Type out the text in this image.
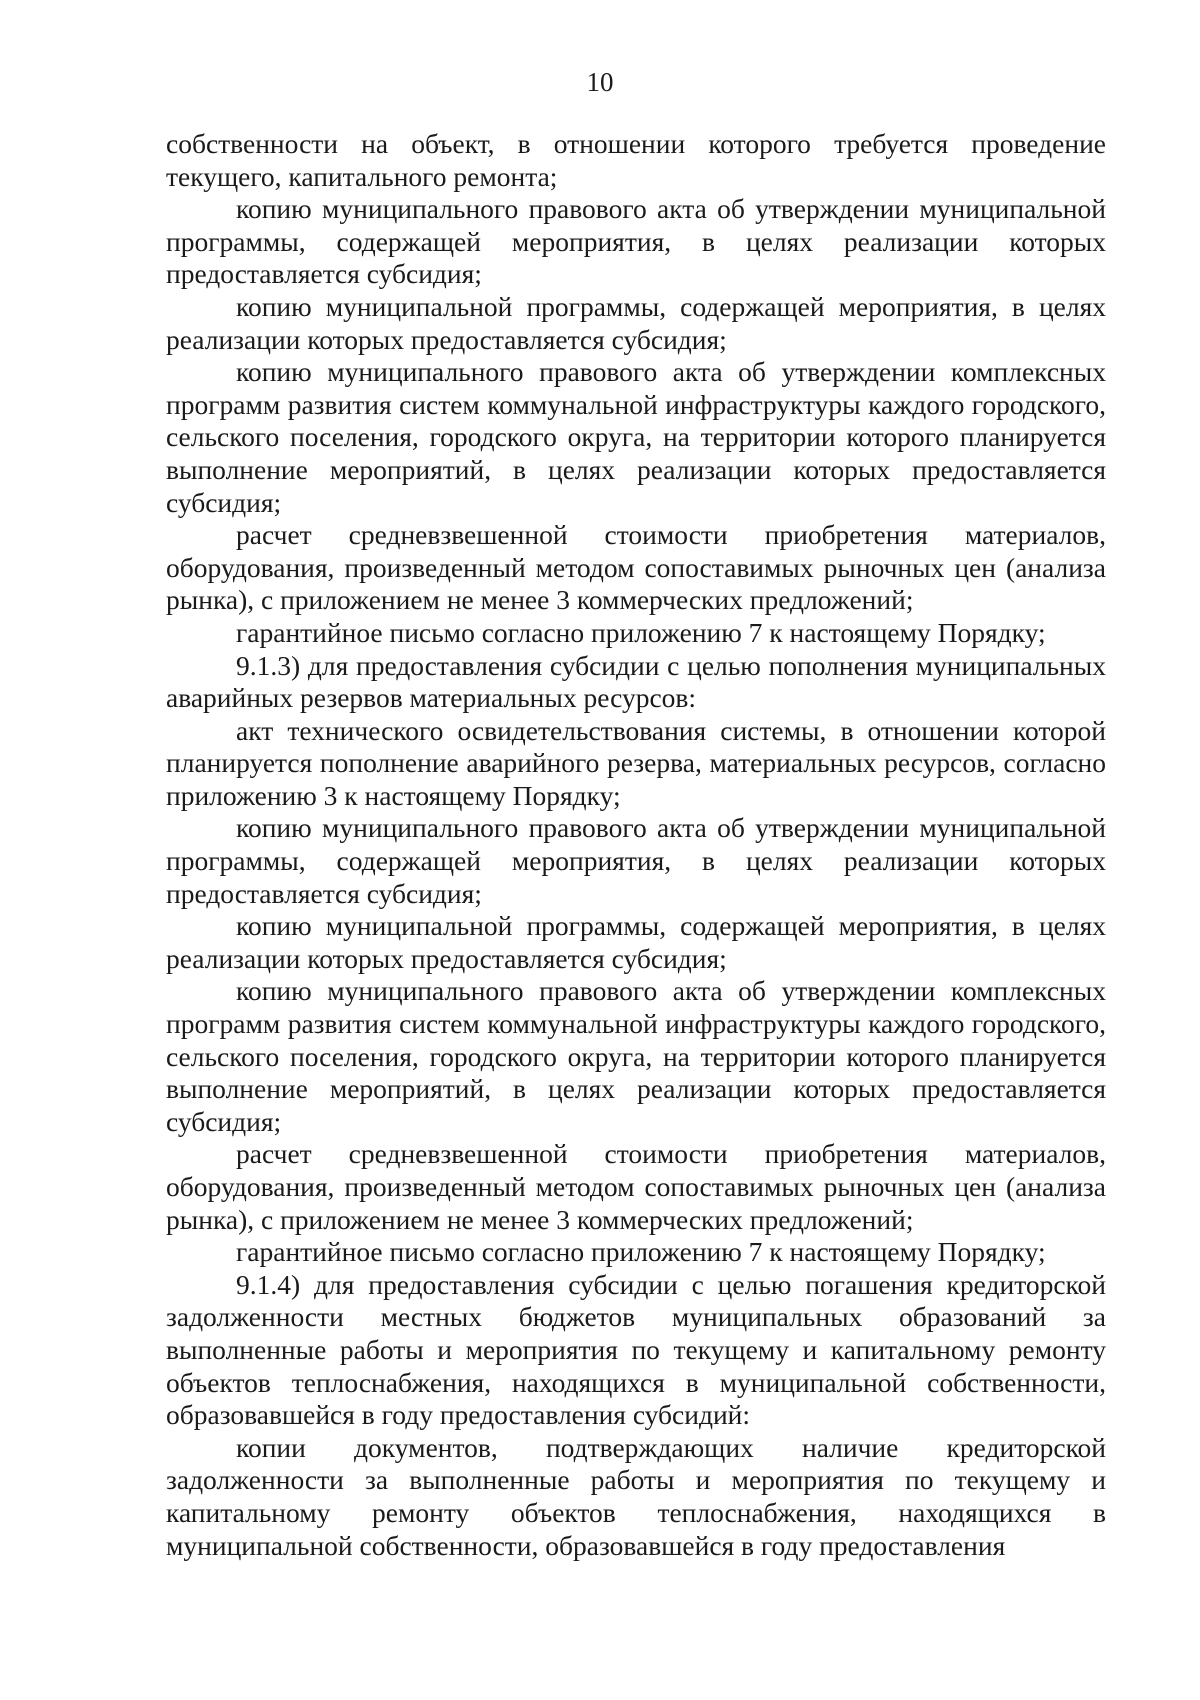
10

собственности на объект, в отношении которого требуется проведение текущего, капитального ремонта;

копию муниципального правового акта об утверждении муниципальной программы, содержащей мероприятия, в целях реализации которых предоставляется субсидия;

копию муниципальной программы, содержащей мероприятия, в целях реализации которых предоставляется субсидия;

копию муниципального правового акта об утверждении комплексных программ развития систем коммунальной инфраструктуры каждого городского, сельского поселения, городского округа, на территории которого планируется выполнение мероприятий, в целях реализации которых предоставляется субсидия;

расчет средневзвешенной стоимости приобретения материалов, оборудования, произведенный методом сопоставимых рыночных цен (анализа рынка), с приложением не менее 3 коммерческих предложений;

гарантийное письмо согласно приложению 7 к настоящему Порядку;

9.1.3) для предоставления субсидии с целью пополнения муниципальных аварийных резервов материальных ресурсов:

акт технического освидетельствования системы, в отношении которой планируется пополнение аварийного резерва, материальных ресурсов, согласно приложению 3 к настоящему Порядку;

копию муниципального правового акта об утверждении муниципальной программы, содержащей мероприятия, в целях реализации которых предоставляется субсидия;

копию муниципальной программы, содержащей мероприятия, в целях реализации которых предоставляется субсидия;

копию муниципального правового акта об утверждении комплексных программ развития систем коммунальной инфраструктуры каждого городского, сельского поселения, городского округа, на территории которого планируется выполнение мероприятий, в целях реализации которых предоставляется субсидия;

расчет средневзвешенной стоимости приобретения материалов, оборудования, произведенный методом сопоставимых рыночных цен (анализа рынка), с приложением не менее 3 коммерческих предложений;

гарантийное письмо согласно приложению 7 к настоящему Порядку;

9.1.4) для предоставления субсидии с целью погашения кредиторской задолженности местных бюджетов муниципальных образований за выполненные работы и мероприятия по текущему и капитальному ремонту объектов теплоснабжения, находящихся в муниципальной собственности, образовавшейся в году предоставления субсидий:

копии документов, подтверждающих наличие кредиторской задолженности за выполненные работы и мероприятия по текущему и капитальному ремонту объектов теплоснабжения, находящихся в муниципальной собственности, образовавшейся в году предоставления
